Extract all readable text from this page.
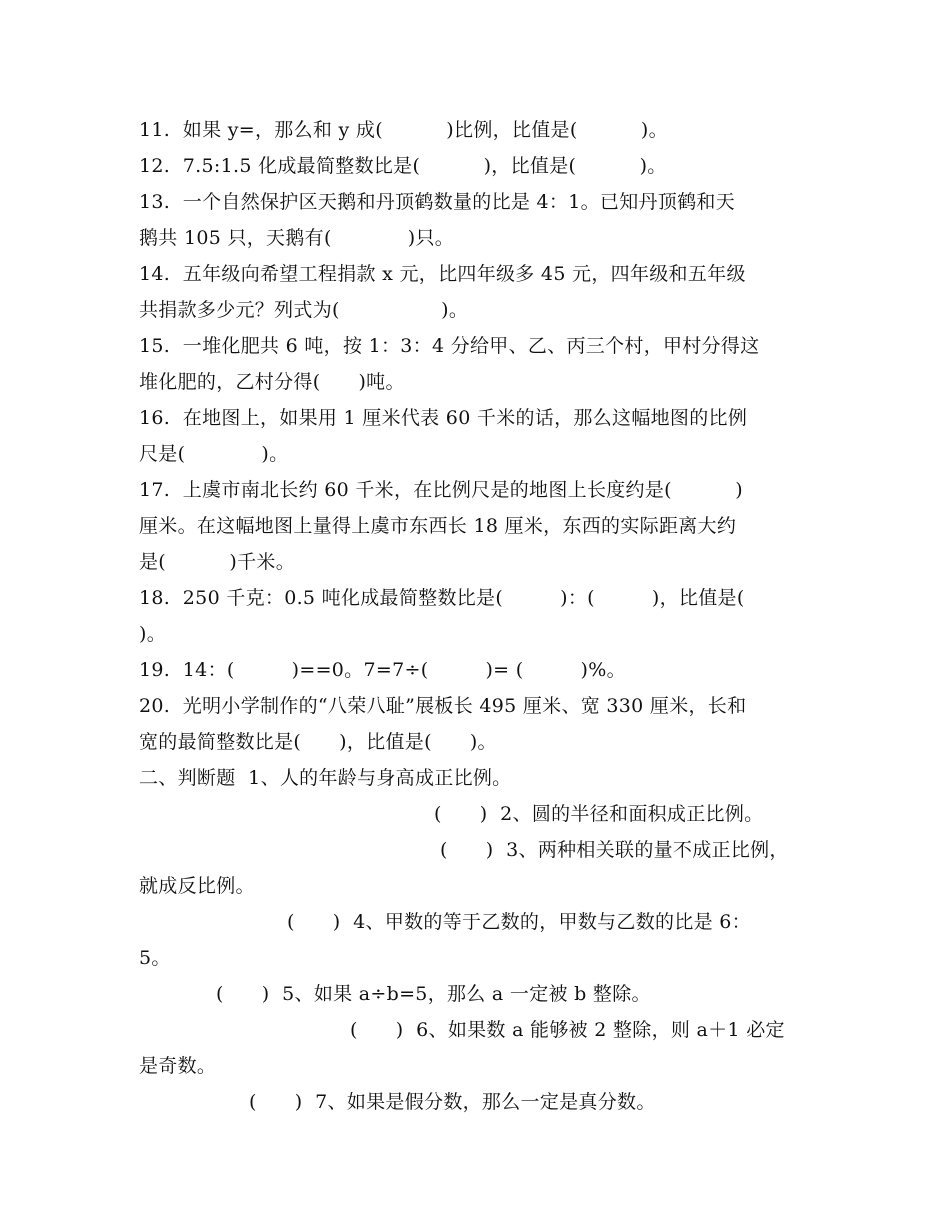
11.  如果 y=，那么和 y 成(          )比例，比值是(          )。
12.  7.5:1.5 化成最简整数比是(          )，比值是(          )。
13.  一个自然保护区天鹅和丹顶鹤数量的比是 4：1。已知丹顶鹤和天
鹅共 105 只，天鹅有(            )只。
14.  五年级向希望工程捐款 x 元，比四年级多 45 元，四年级和五年级
共捐款多少元？列式为(                )。
15.  一堆化肥共 6 吨，按 1：3：4 分给甲、乙、丙三个村，甲村分得这
堆化肥的，乙村分得(      )吨。
16.  在地图上，如果用 1 厘米代表 60 千米的话，那么这幅地图的比例
尺是(            )。
17.  上虞市南北长约 60 千米，在比例尺是的地图上长度约是(          )
厘米。在这幅地图上量得上虞市东西长 18 厘米，东西的实际距离大约
是(          )千米。
18.  250 千克：0.5 吨化成最简整数比是(         )：(         )，比值是(
)。
19.  14：(         )==0。7=7÷(         )= (         )%。
20.  光明小学制作的“八荣八耻”展板长 495 厘米、宽 330 厘米，长和
宽的最简整数比是(      )，比值是(      )。
二、判断题  1、人的年龄与身高成正比例。
(      )  2、圆的半径和面积成正比例。
(      )  3、两种相关联的量不成正比例，
就成反比例。
(      )  4、甲数的等于乙数的，甲数与乙数的比是 6：
5。
(      )  5、如果 a÷b=5，那么 a 一定被 b 整除。
(      )  6、如果数 a 能够被 2 整除，则 a＋1 必定
是奇数。
(      )  7、如果是假分数，那么一定是真分数。
